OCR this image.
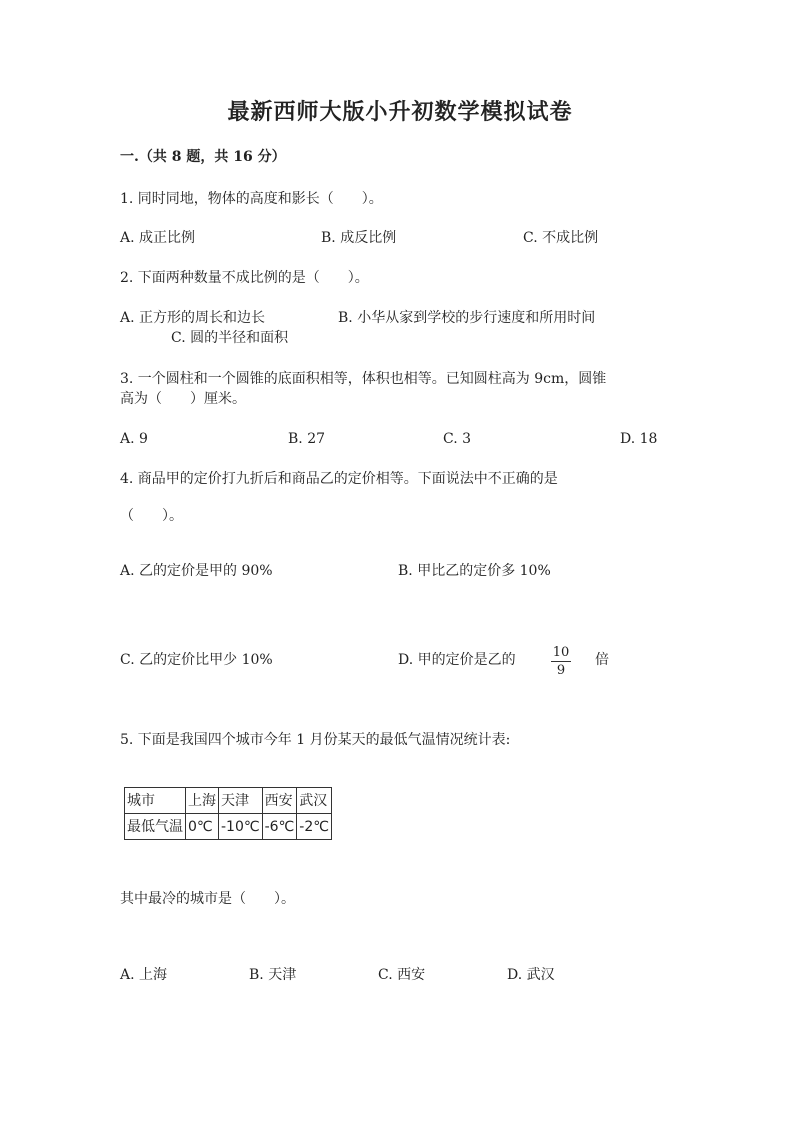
最新西师大版小升初数学模拟试卷
一.（共 8 题，共 16 分）
1. 同时同地，物体的高度和影长（　　）。
A. 成正比例	B. 成反比例	C. 不成比例
2. 下面两种数量不成比例的是（　　）。
A. 正方形的周长和边长	B. 小华从家到学校的步行速度和所用时间
C. 圆的半径和面积
3. 一个圆柱和一个圆锥的底面积相等，体积也相等。已知圆柱高为 9cm，圆锥
高为（　　）厘米。
A. 9	B. 27	C. 3	D. 18
4. 商品甲的定价打九折后和商品乙的定价相等。下面说法中不正确的是
（　　）。
A. 乙的定价是甲的 90%	B. 甲比乙的定价多 10%
C. 乙的定价比甲少 10%	D. 甲的定价是乙的	10
9
倍
5. 下面是我国四个城市今年 1 月份某天的最低气温情况统计表:
城市	上海	天津	西安	武汉
最低气温	0℃	-10℃	-6℃	-2℃
其中最冷的城市是（　　）。
A. 上海	B. 天津	C. 西安	D. 武汉
